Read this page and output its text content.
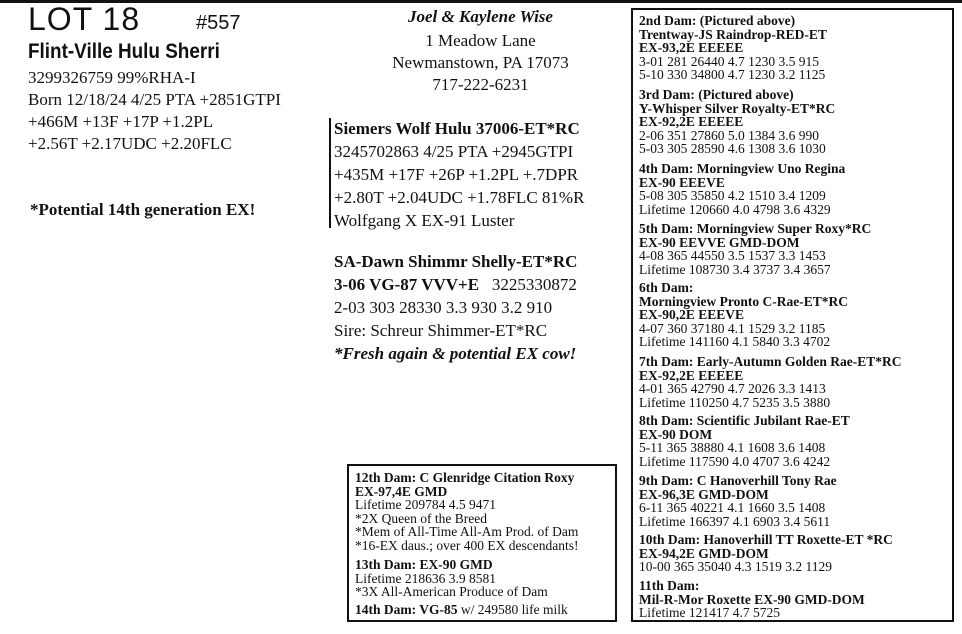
LOT 18	#557
Flint-Ville Hulu Sherri
3299326759 99%RHA-I
Born 12/18/24 4/25 PTA +2851GTPI
+466M +13F +17P +1.2PL
+2.56T +2.17UDC +2.20FLC
*Potential 14th generation EX!
Joel & Kaylene Wise
1 Meadow Lane
Newmanstown, PA 17073
717-222-6231
Siemers Wolf Hulu 37006-ET*RC
3245702863 4/25 PTA +2945GTPI
+435M +17F +26P +1.2PL +.7DPR
+2.80T +2.04UDC +1.78FLC 81%R
Wolfgang X EX-91 Luster
SA-Dawn Shimmr Shelly-ET*RC
3-06 VG-87 VVV+E 3225330872
2-03 303 28330 3.3 930 3.2 910
Sire: Schreur Shimmer-ET*RC
*Fresh again & potential EX cow!
2nd Dam: (Pictured above)
Trentway-JS Raindrop-RED-ET
EX-93,2E EEEEE
3-01 281 26440 4.7 1230 3.5 915
5-10 330 34800 4.7 1230 3.2 1125
3rd Dam: (Pictured above)
Y-Whisper Silver Royalty-ET*RC
EX-92,2E EEEEE
2-06 351 27860 5.0 1384 3.6 990
5-03 305 28590 4.6 1308 3.6 1030
4th Dam: Morningview Uno Regina
EX-90 EEEVE
5-08 305 35850 4.2 1510 3.4 1209
Lifetime 120660 4.0 4798 3.6 4329
5th Dam: Morningview Super Roxy*RC
EX-90 EEVVE GMD-DOM
4-08 365 44550 3.5 1537 3.3 1453
Lifetime 108730 3.4 3737 3.4 3657
6th Dam:
Morningview Pronto C-Rae-ET*RC
EX-90,2E EEEVE
4-07 360 37180 4.1 1529 3.2 1185
Lifetime 141160 4.1 5840 3.3 4702
7th Dam: Early-Autumn Golden Rae-ET*RC
EX-92,2E EEEEE
4-01 365 42790 4.7 2026 3.3 1413
Lifetime 110250 4.7 5235 3.5 3880
8th Dam: Scientific Jubilant Rae-ET
EX-90 DOM
5-11 365 38880 4.1 1608 3.6 1408
Lifetime 117590 4.0 4707 3.6 4242
9th Dam: C Hanoverhill Tony Rae
EX-96,3E GMD-DOM
6-11 365 40221 4.1 1660 3.5 1408
Lifetime 166397 4.1 6903 3.4 5611
10th Dam: Hanoverhill TT Roxette-ET *RC
EX-94,2E GMD-DOM
10-00 365 35040 4.3 1519 3.2 1129
11th Dam:
Mil-R-Mor Roxette EX-90 GMD-DOM
Lifetime 121417 4.7 5725
12th Dam: C Glenridge Citation Roxy
EX-97,4E GMD
Lifetime 209784 4.5 9471
*2X Queen of the Breed
*Mem of All-Time All-Am Prod. of Dam
*16-EX daus.; over 400 EX descendants!
13th Dam: EX-90 GMD
Lifetime 218636 3.9 8581
*3X All-American Produce of Dam
14th Dam: VG-85 w/ 249580 life milk
